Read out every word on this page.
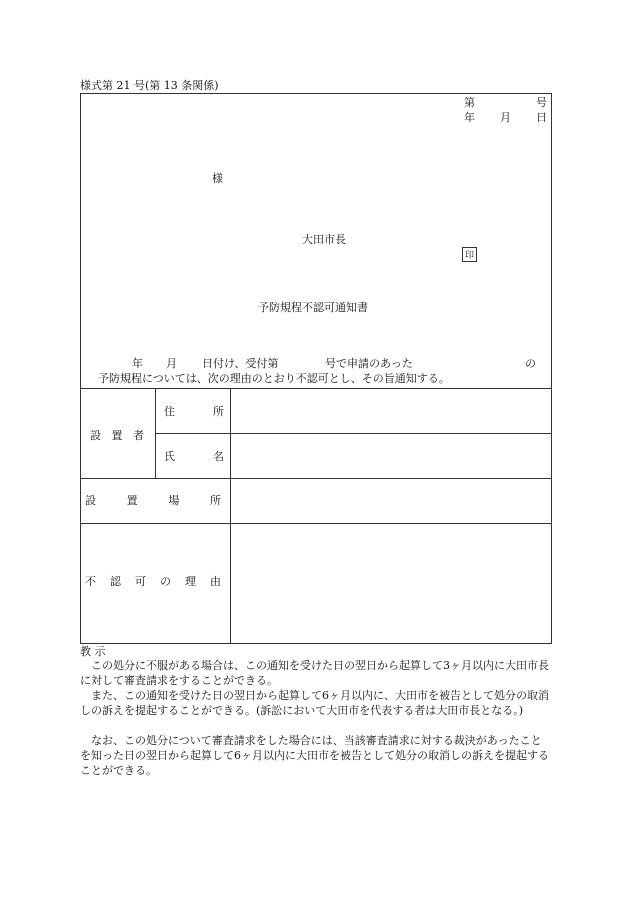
様式第 21 号(第 13 条関係)
第	号
年 月 日
様
大田市長
印
予防規程不認可通知書
年 月 日付け、受付第	号で申請のあった	の
予防規程については、次の理由のとおり不認可とし、その旨通知する。
設 置 者
住	所
氏	名
設	置	場	所
不 認 可 の 理 由
教 示
この処分に不服がある場合は、この通知を受けた日の翌日から起算して3ヶ月以内に大田市長に対して審査請求をすることができる。
また、この通知を受けた日の翌日から起算して6ヶ月以内に、大田市を被告として処分の取消しの訴えを提起することができる。(訴訟において大田市を代表する者は大田市長となる。)
なお、この処分について審査請求をした場合には、当該審査請求に対する裁決があったことを知った日の翌日から起算して6ヶ月以内に大田市を被告として処分の取消しの訴えを提起することができる。
